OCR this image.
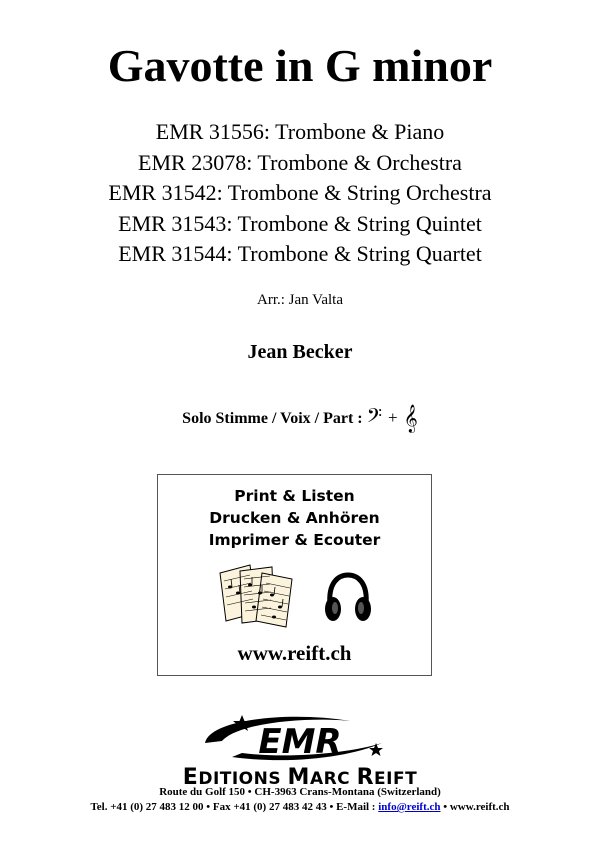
Gavotte in G minor
EMR 31556: Trombone & Piano
EMR 23078: Trombone & Orchestra
EMR 31542: Trombone & String Orchestra
EMR 31543: Trombone & String Quintet
EMR 31544: Trombone & String Quartet
Arr.: Jan Valta
Jean Becker
Solo Stimme / Voix / Part : 𝄢 + 𝄞
Print & Listen
Drucken & Anhören
Imprimer & Ecouter
www.reift.ch
EMR
EDITIONS MARC REIFT
Route du Golf 150 • CH-3963 Crans-Montana (Switzerland)
Tel. +41 (0) 27 483 12 00 • Fax +41 (0) 27 483 42 43 • E-Mail : info@reift.ch • www.reift.ch
